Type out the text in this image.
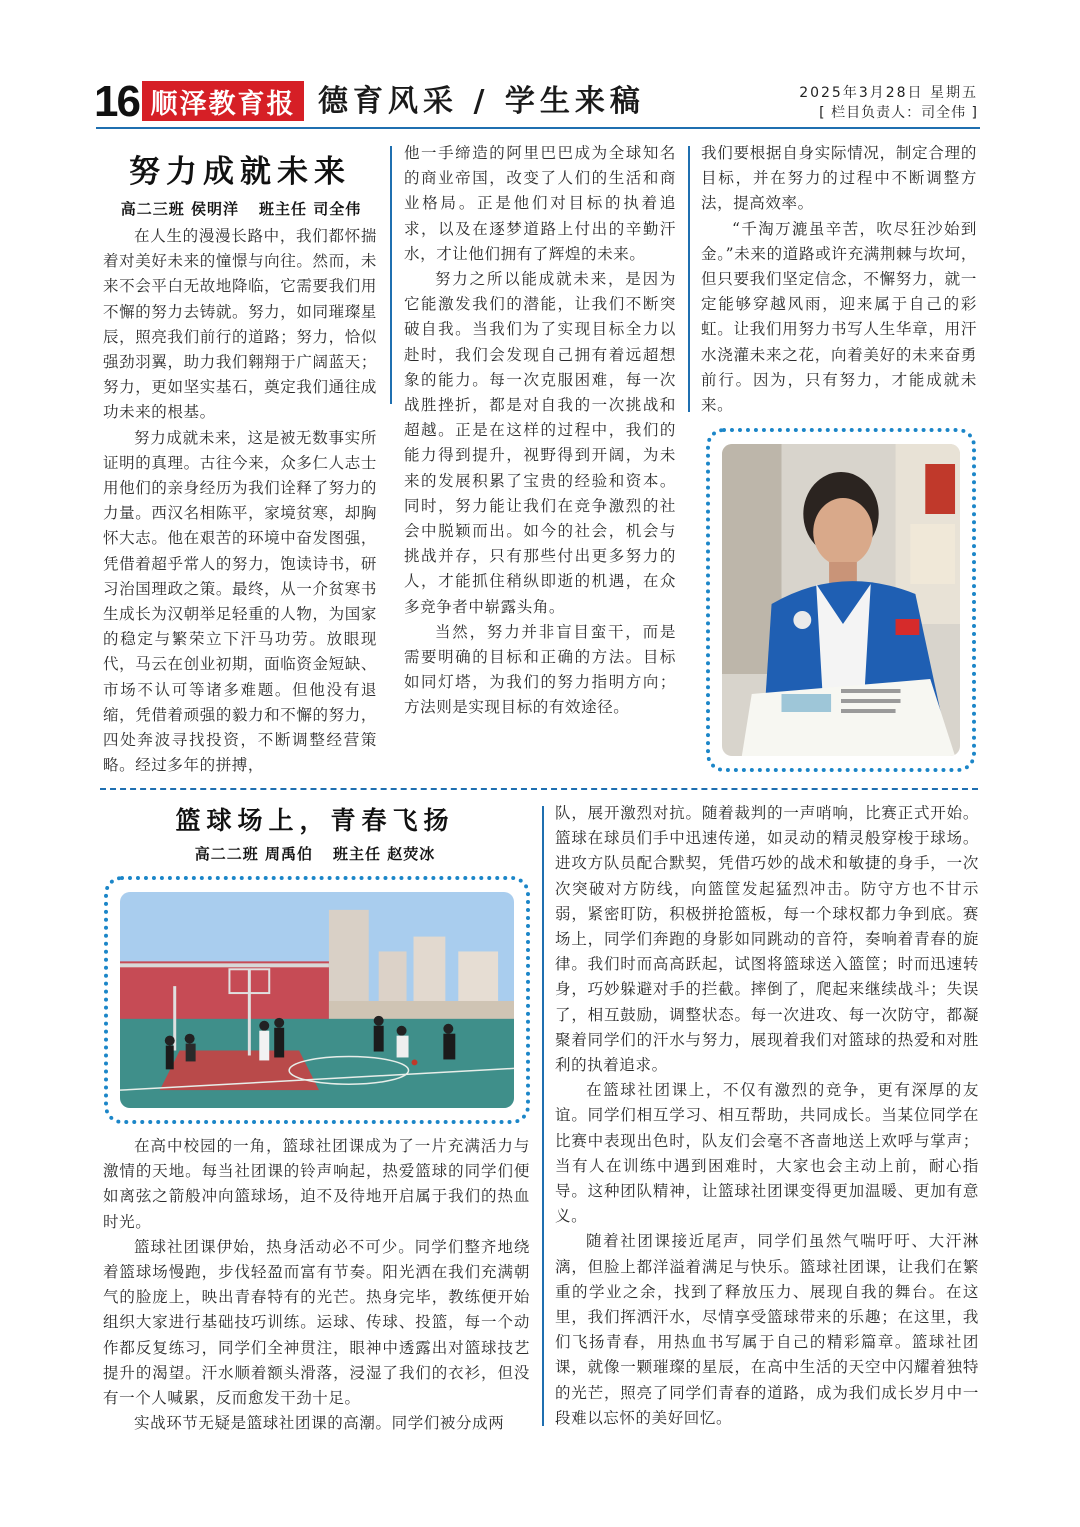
16 顺泽教育报 德育风采 / 学生来稿	2025年3月28日 星期五
[ 栏目负责人：司全伟 ]
努力成就未来
高二三班 侯明洋 班主任 司全伟

在人生的漫漫长路中，我们都怀揣着对美好未来的憧憬与向往。然而，未来不会平白无故地降临，它需要我们用不懈的努力去铸就。努力，如同璀璨星辰，照亮我们前行的道路；努力，恰似强劲羽翼，助力我们翱翔于广阔蓝天；努力，更如坚实基石，奠定我们通往成功未来的根基。

努力成就未来，这是被无数事实所证明的真理。古往今来，众多仁人志士用他们的亲身经历为我们诠释了努力的力量。西汉名相陈平，家境贫寒，却胸怀大志。他在艰苦的环境中奋发图强，凭借着超乎常人的努力，饱读诗书，研习治国理政之策。最终，从一介贫寒书生成长为汉朝举足轻重的人物，为国家的稳定与繁荣立下汗马功劳。放眼现代，马云在创业初期，面临资金短缺、市场不认可等诸多难题。但他没有退缩，凭借着顽强的毅力和不懈的努力，四处奔波寻找投资，不断调整经营策略。经过多年的拼搏，

他一手缔造的阿里巴巴成为全球知名的商业帝国，改变了人们的生活和商业格局。正是他们对目标的执着追求，以及在逐梦道路上付出的辛勤汗水，才让他们拥有了辉煌的未来。

努力之所以能成就未来，是因为它能激发我们的潜能，让我们不断突破自我。当我们为了实现目标全力以赴时，我们会发现自己拥有着远超想象的能力。每一次克服困难，每一次战胜挫折，都是对自我的一次挑战和超越。正是在这样的过程中，我们的能力得到提升，视野得到开阔，为未来的发展积累了宝贵的经验和资本。同时，努力能让我们在竞争激烈的社会中脱颖而出。如今的社会，机会与挑战并存，只有那些付出更多努力的人，才能抓住稍纵即逝的机遇，在众多竞争者中崭露头角。

当然，努力并非盲目蛮干，而是需要明确的目标和正确的方法。目标如同灯塔，为我们的努力指明方向；方法则是实现目标的有效途径。

我们要根据自身实际情况，制定合理的目标，并在努力的过程中不断调整方法，提高效率。

“千淘万漉虽辛苦，吹尽狂沙始到金。”未来的道路或许充满荆棘与坎坷，但只要我们坚定信念，不懈努力，就一定能够穿越风雨，迎来属于自己的彩虹。让我们用努力书写人生华章，用汗水浇灌未来之花，向着美好的未来奋勇前行。因为，只有努力，才能成就未来。

篮球场上，青春飞扬
高二二班 周禹伯 班主任 赵荧冰

在高中校园的一角，篮球社团课成为了一片充满活力与激情的天地。每当社团课的铃声响起，热爱篮球的同学们便如离弦之箭般冲向篮球场，迫不及待地开启属于我们的热血时光。

篮球社团课伊始，热身活动必不可少。同学们整齐地绕着篮球场慢跑，步伐轻盈而富有节奏。阳光洒在我们充满朝气的脸庞上，映出青春特有的光芒。热身完毕，教练便开始组织大家进行基础技巧训练。运球、传球、投篮，每一个动作都反复练习，同学们全神贯注，眼神中透露出对篮球技艺提升的渴望。汗水顺着额头滑落，浸湿了我们的衣衫，但没有一个人喊累，反而愈发干劲十足。

实战环节无疑是篮球社团课的高潮。同学们被分成两

队，展开激烈对抗。随着裁判的一声哨响，比赛正式开始。篮球在球员们手中迅速传递，如灵动的精灵般穿梭于球场。进攻方队员配合默契，凭借巧妙的战术和敏捷的身手，一次次突破对方防线，向篮筐发起猛烈冲击。防守方也不甘示弱，紧密盯防，积极拼抢篮板，每一个球权都力争到底。赛场上，同学们奔跑的身影如同跳动的音符，奏响着青春的旋律。我们时而高高跃起，试图将篮球送入篮筐；时而迅速转身，巧妙躲避对手的拦截。摔倒了，爬起来继续战斗；失误了，相互鼓励，调整状态。每一次进攻、每一次防守，都凝聚着同学们的汗水与努力，展现着我们对篮球的热爱和对胜利的执着追求。

在篮球社团课上，不仅有激烈的竞争，更有深厚的友谊。同学们相互学习、相互帮助，共同成长。当某位同学在比赛中表现出色时，队友们会毫不吝啬地送上欢呼与掌声；当有人在训练中遇到困难时，大家也会主动上前，耐心指导。这种团队精神，让篮球社团课变得更加温暖、更加有意义。

随着社团课接近尾声，同学们虽然气喘吁吁、大汗淋漓，但脸上都洋溢着满足与快乐。篮球社团课，让我们在繁重的学业之余，找到了释放压力、展现自我的舞台。在这里，我们挥洒汗水，尽情享受篮球带来的乐趣；在这里，我们飞扬青春，用热血书写属于自己的精彩篇章。篮球社团课，就像一颗璀璨的星辰，在高中生活的天空中闪耀着独特的光芒，照亮了同学们青春的道路，成为我们成长岁月中一段难以忘怀的美好回忆。
